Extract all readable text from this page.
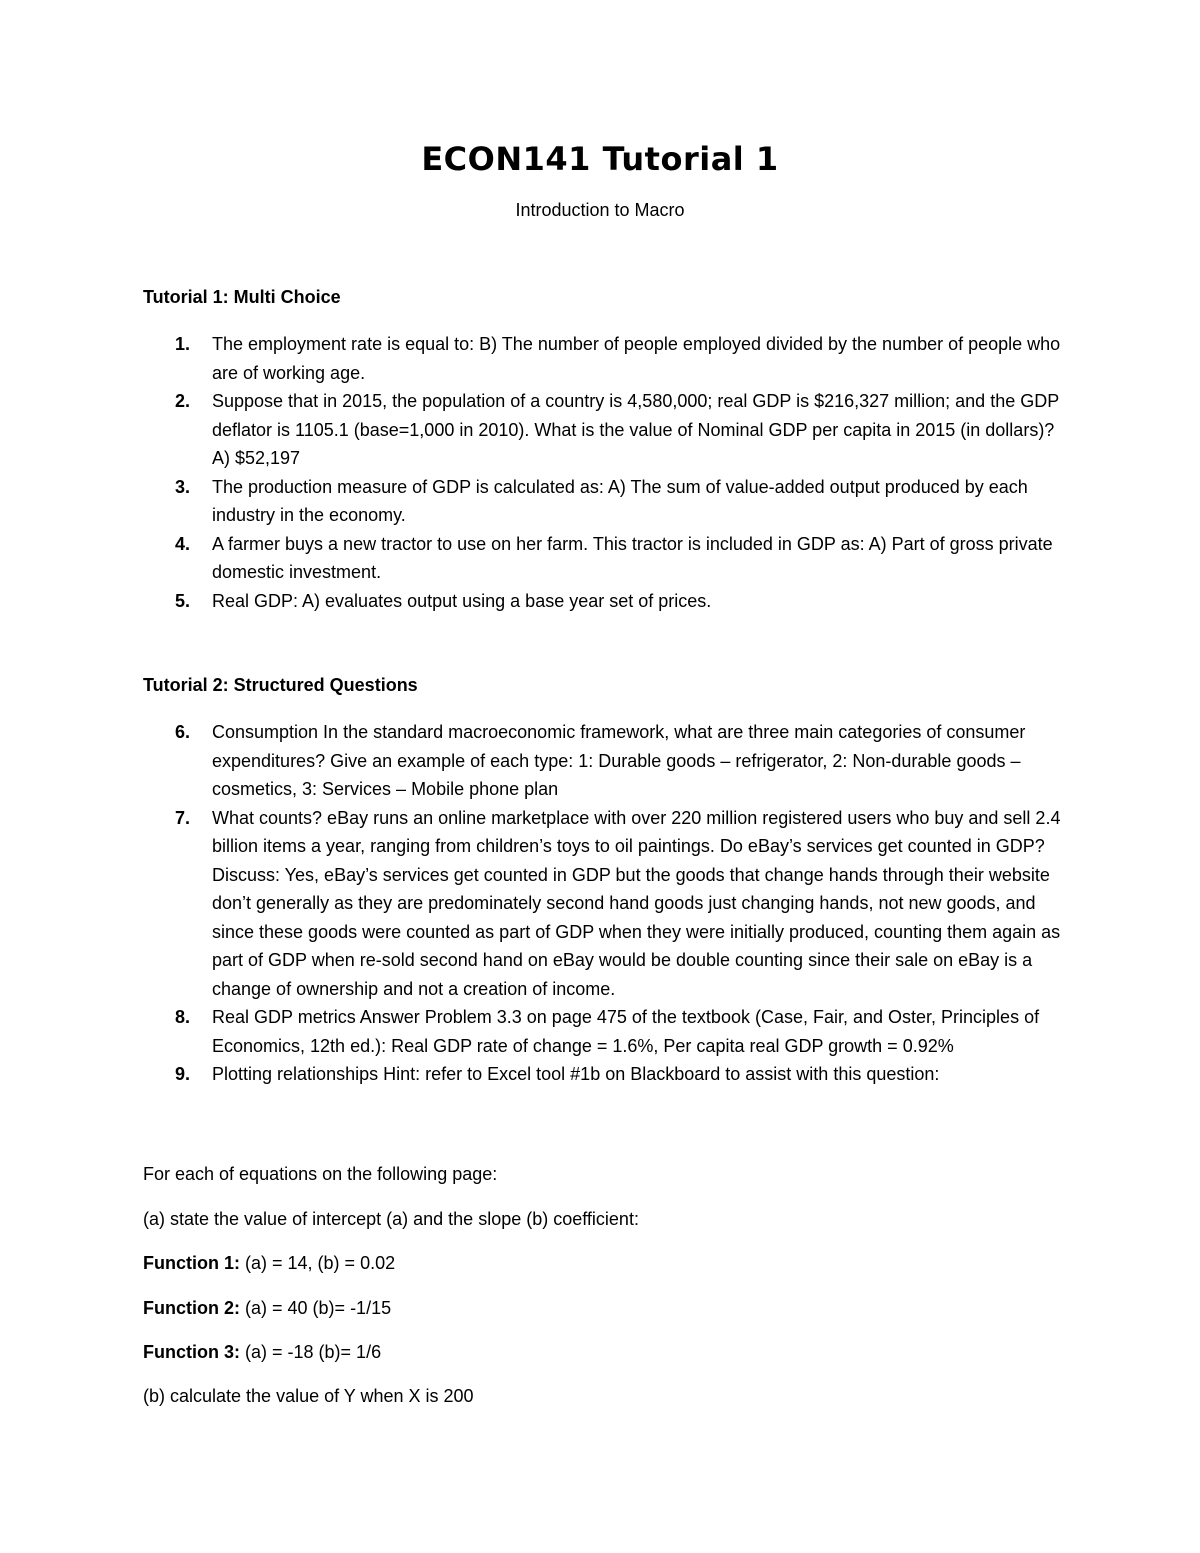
ECON141 Tutorial 1
Introduction to Macro
Tutorial 1: Multi Choice
1. The employment rate is equal to: B) The number of people employed divided by the number of people who are of working age.
2. Suppose that in 2015, the population of a country is 4,580,000; real GDP is $216,327 million; and the GDP deflator is 1105.1 (base=1,000 in 2010). What is the value of Nominal GDP per capita in 2015 (in dollars)? A) $52,197
3. The production measure of GDP is calculated as: A) The sum of value-added output produced by each industry in the economy.
4. A farmer buys a new tractor to use on her farm. This tractor is included in GDP as: A) Part of gross private domestic investment.
5. Real GDP: A) evaluates output using a base year set of prices.
Tutorial 2: Structured Questions
6. Consumption In the standard macroeconomic framework, what are three main categories of consumer expenditures? Give an example of each type: 1: Durable goods – refrigerator, 2: Non-durable goods – cosmetics, 3: Services – Mobile phone plan
7. What counts? eBay runs an online marketplace with over 220 million registered users who buy and sell 2.4 billion items a year, ranging from children’s toys to oil paintings. Do eBay’s services get counted in GDP? Discuss: Yes, eBay’s services get counted in GDP but the goods that change hands through their website don’t generally as they are predominately second hand goods just changing hands, not new goods, and since these goods were counted as part of GDP when they were initially produced, counting them again as part of GDP when re-sold second hand on eBay would be double counting since their sale on eBay is a change of ownership and not a creation of income.
8. Real GDP metrics Answer Problem 3.3 on page 475 of the textbook (Case, Fair, and Oster, Principles of Economics, 12th ed.): Real GDP rate of change = 1.6%, Per capita real GDP growth = 0.92%
9. Plotting relationships Hint: refer to Excel tool #1b on Blackboard to assist with this question:
For each of equations on the following page:
(a) state the value of intercept (a) and the slope (b) coefficient:
Function 1: (a) = 14, (b) = 0.02
Function 2: (a) = 40 (b)= -1/15
Function 3: (a) = -18 (b)= 1/6
(b) calculate the value of Y when X is 200
